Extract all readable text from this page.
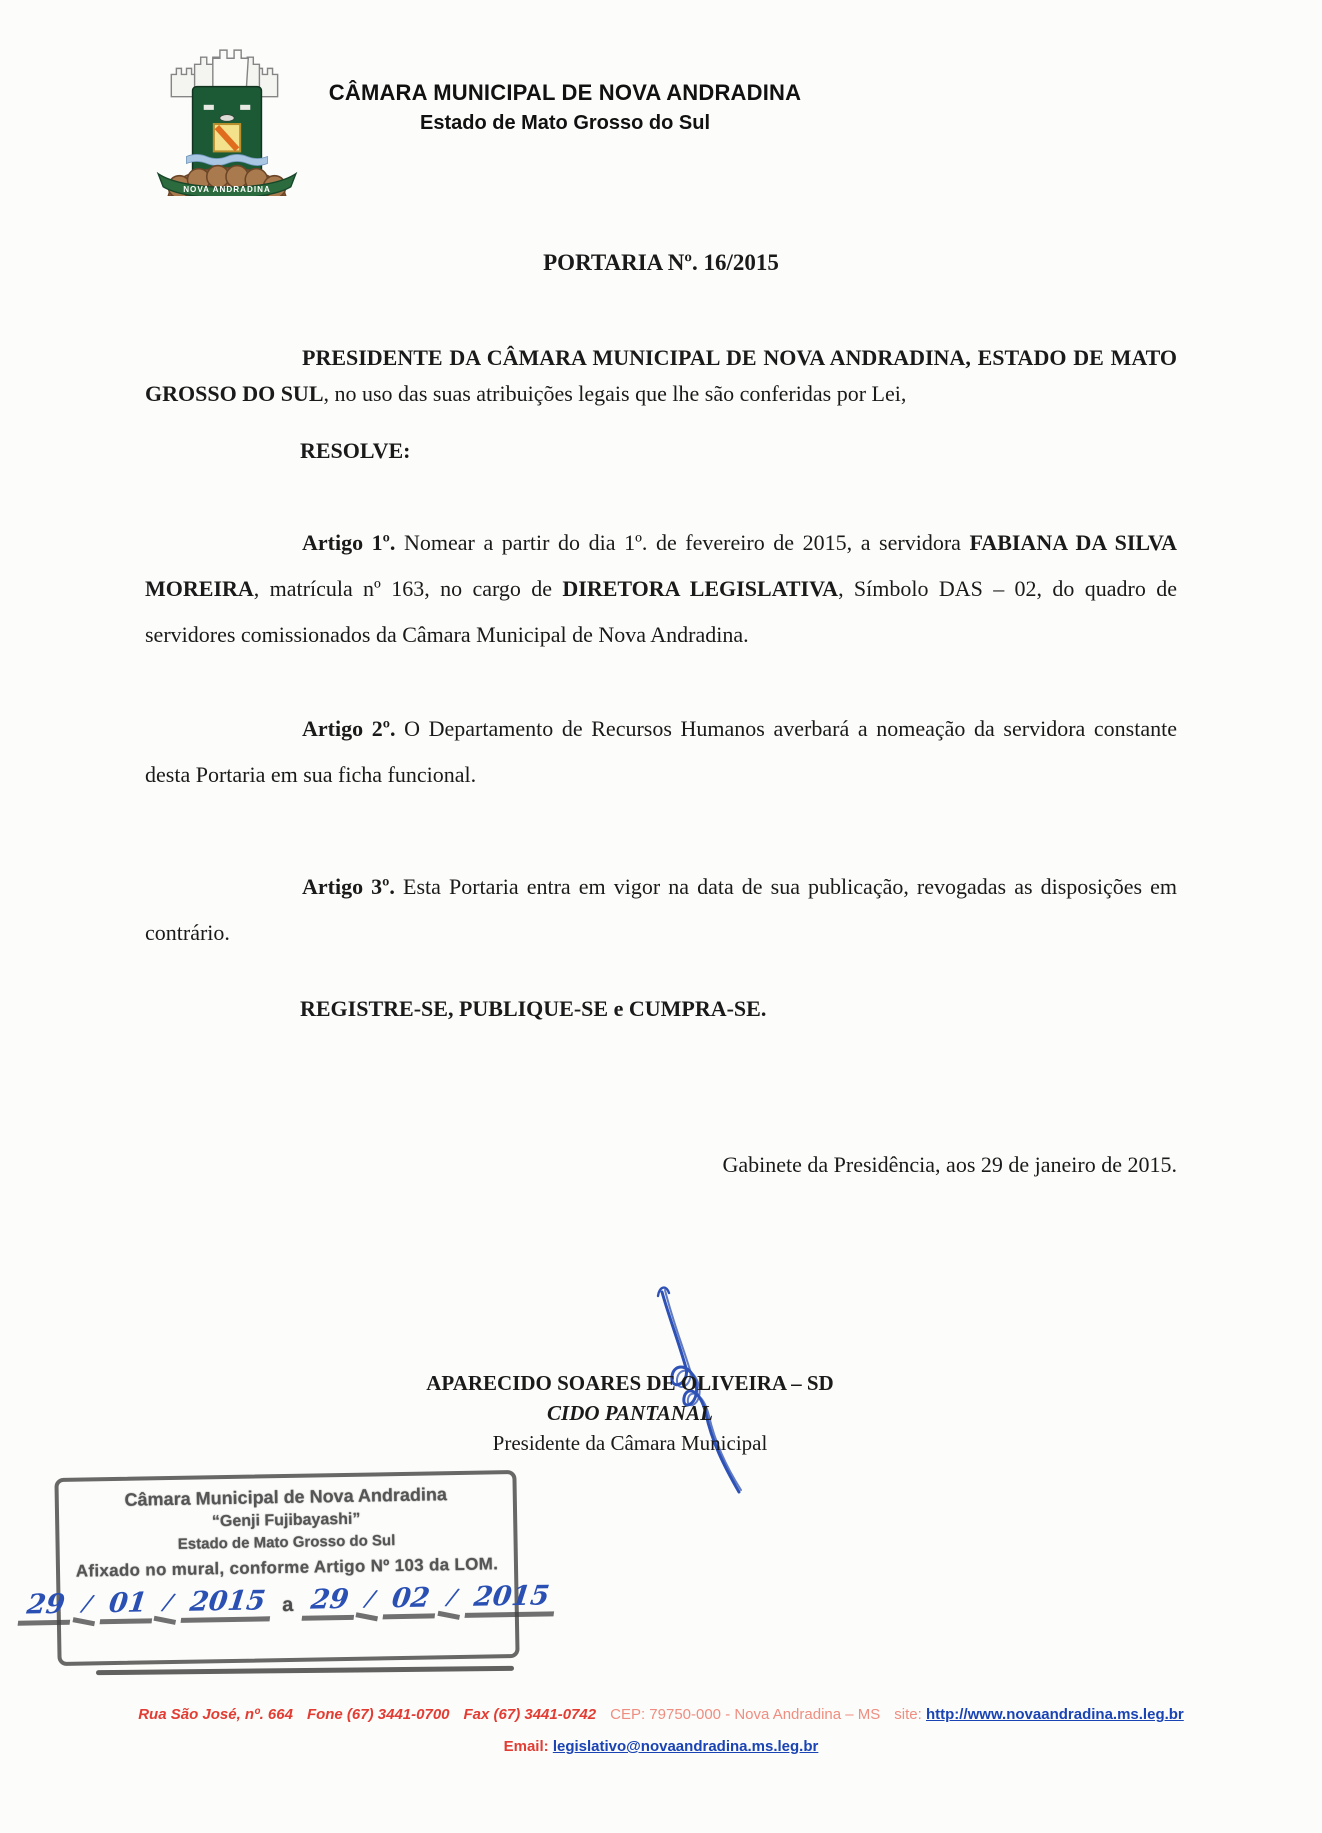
NOVA ANDRADINA
CÂMARA MUNICIPAL DE NOVA ANDRADINA
Estado de Mato Grosso do Sul
PORTARIA Nº. 16/2015
PRESIDENTE DA CÂMARA MUNICIPAL DE NOVA ANDRADINA, ESTADO DE MATO GROSSO DO SUL, no uso das suas atribuições legais que lhe são conferidas por Lei,
RESOLVE:
Artigo 1º. Nomear a partir do dia 1º. de fevereiro de 2015, a servidora FABIANA DA SILVA MOREIRA, matrícula nº 163, no cargo de DIRETORA LEGISLATIVA, Símbolo DAS – 02, do quadro de servidores comissionados da Câmara Municipal de Nova Andradina.
Artigo 2º. O Departamento de Recursos Humanos averbará a nomeação da servidora constante desta Portaria em sua ficha funcional.
Artigo 3º. Esta Portaria entra em vigor na data de sua publicação, revogadas as disposições em contrário.
REGISTRE-SE, PUBLIQUE-SE e CUMPRA-SE.
Gabinete da Presidência, aos 29 de janeiro de 2015.
APARECIDO SOARES DE OLIVEIRA – SD
CIDO PANTANAL
Presidente da Câmara Municipal
Câmara Municipal de Nova Andradina
“Genji Fujibayashi”
Estado de Mato Grosso do Sul
Afixado no mural, conforme Artigo Nº 103 da LOM.
29 / 01 / 2015 a 29 / 02 / 2015
Rua São José, nº. 664 Fone (67) 3441-0700 Fax (67) 3441-0742 CEP: 79750-000 - Nova Andradina – MS site: http://www.novaandradina.ms.leg.br
Email: legislativo@novaandradina.ms.leg.br
